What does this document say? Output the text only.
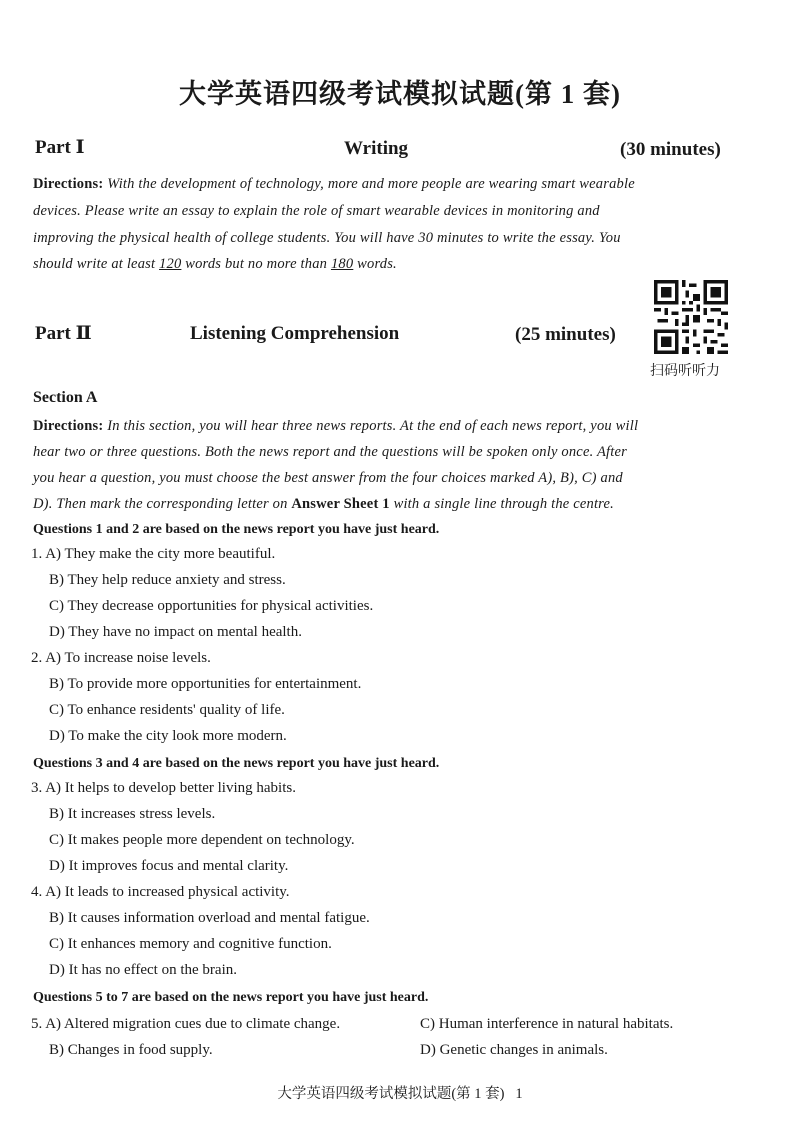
大学英语四级考试模拟试题(第 1 套)
Part Ⅰ	Writing	(30 minutes)
Directions: With the development of technology, more and more people are wearing smart wearable
devices. Please write an essay to explain the role of smart wearable devices in monitoring and
improving the physical health of college students. You will have 30 minutes to write the essay. You
should write at least 120 words but no more than 180 words.
Part Ⅱ	Listening Comprehension	(25 minutes)
扫码听听力
Section A
Directions: In this section, you will hear three news reports. At the end of each news report, you will
hear two or three questions. Both the news report and the questions will be spoken only once. After
you hear a question, you must choose the best answer from the four choices marked A), B), C) and
D). Then mark the corresponding letter on Answer Sheet 1 with a single line through the centre.
Questions 1 and 2 are based on the news report you have just heard.
1. A) They make the city more beautiful.
B) They help reduce anxiety and stress.
C) They decrease opportunities for physical activities.
D) They have no impact on mental health.
2. A) To increase noise levels.
B) To provide more opportunities for entertainment.
C) To enhance residents' quality of life.
D) To make the city look more modern.
Questions 3 and 4 are based on the news report you have just heard.
3. A) It helps to develop better living habits.
B) It increases stress levels.
C) It makes people more dependent on technology.
D) It improves focus and mental clarity.
4. A) It leads to increased physical activity.
B) It causes information overload and mental fatigue.
C) It enhances memory and cognitive function.
D) It has no effect on the brain.
Questions 5 to 7 are based on the news report you have just heard.
5. A) Altered migration cues due to climate change.	C) Human interference in natural habitats.
B) Changes in food supply.	D) Genetic changes in animals.
大学英语四级考试模拟试题(第 1 套)   1
